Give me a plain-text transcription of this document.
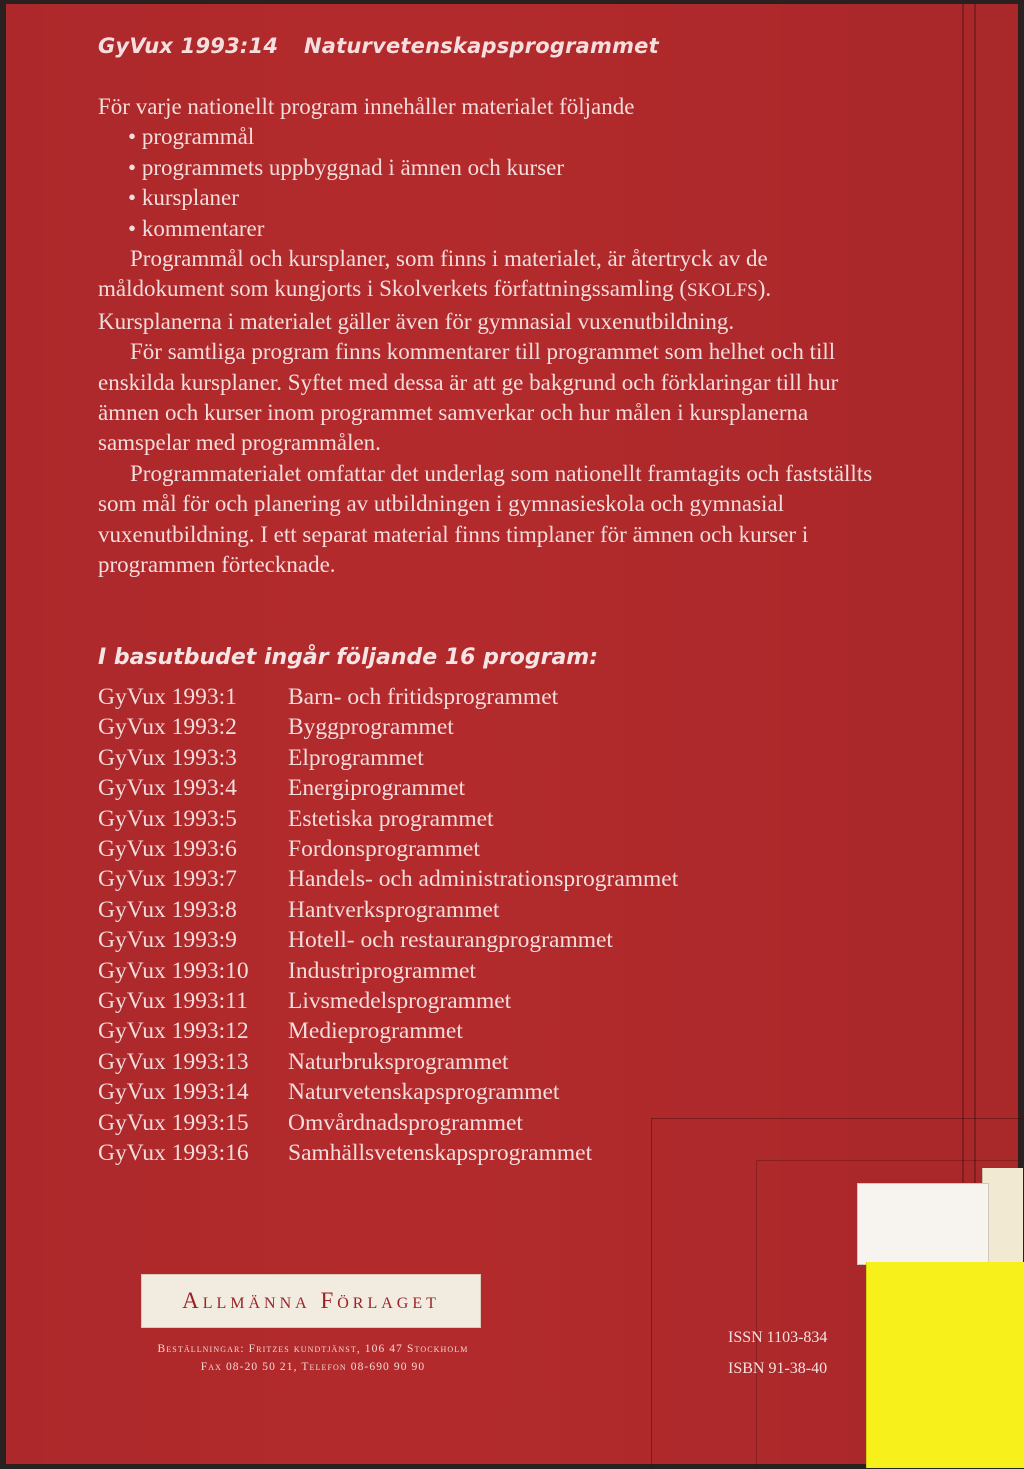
GyVux 1993:14 Naturvetenskapsprogrammet

För varje nationellt program innehåller materialet följande

• programmål
• programmets uppbyggnad i ämnen och kurser
• kursplaner
• kommentarer

Programmål och kursplaner, som finns i materialet, är återtryck av de måldokument som kungjorts i Skolverkets författningssamling (SKOLFS). Kursplanerna i materialet gäller även för gymnasial vuxenutbildning.

För samtliga program finns kommentarer till programmet som helhet och till enskilda kursplaner. Syftet med dessa är att ge bakgrund och förklaringar till hur ämnen och kurser inom programmet samverkar och hur målen i kursplanerna samspelar med programmålen.

Programmaterialet omfattar det underlag som nationellt framtagits och fastställts som mål för och planering av utbildningen i gymnasieskola och gymnasial vuxenutbildning. I ett separat material finns timplaner för ämnen och kurser i programmen förtecknade.

I basutbudet ingår följande 16 program:
GyVux 1993:1	Barn- och fritidsprogrammet
GyVux 1993:2	Byggprogrammet
GyVux 1993:3	Elprogrammet
GyVux 1993:4	Energiprogrammet
GyVux 1993:5	Estetiska programmet
GyVux 1993:6	Fordonsprogrammet
GyVux 1993:7	Handels- och administrationsprogrammet
GyVux 1993:8	Hantverksprogrammet
GyVux 1993:9	Hotell- och restaurangprogrammet
GyVux 1993:10	Industriprogrammet
GyVux 1993:11	Livsmedelsprogrammet
GyVux 1993:12	Medieprogrammet
GyVux 1993:13	Naturbruksprogrammet
GyVux 1993:14	Naturvetenskapsprogrammet
GyVux 1993:15	Omvårdnadsprogrammet
GyVux 1993:16	Samhällsvetenskapsprogrammet
Allmänna Förlaget
Beställningar: Fritzes kundtjänst, 106 47 Stockholm
Fax 08-20 50 21, Telefon 08-690 90 90
ISSN 1103-834
ISBN 91-38-40
